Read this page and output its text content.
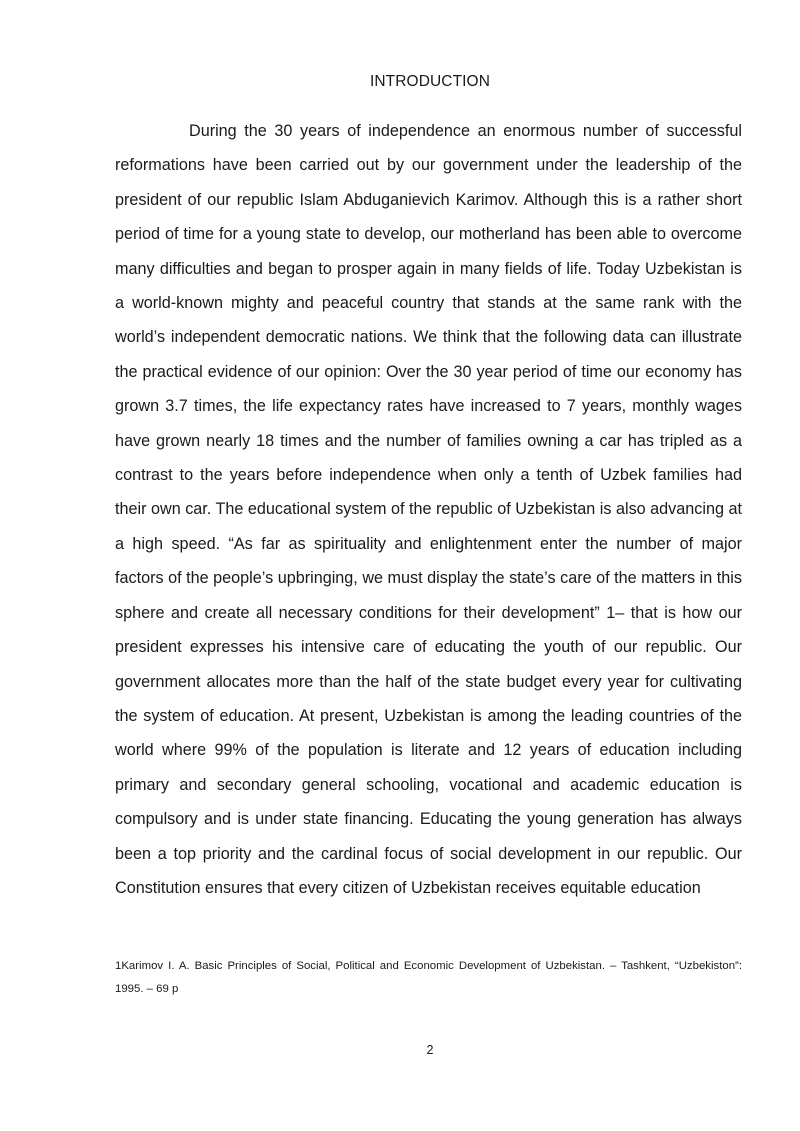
INTRODUCTION

During the 30 years of independence an enormous number of successful reformations have been carried out by our government under the leadership of the president of our republic Islam Abduganievich Karimov. Although this is a rather short period of time for a young state to develop, our motherland has been able to overcome many difficulties and began to prosper again in many fields of life. Today Uzbekistan is a world-known mighty and peaceful country that stands at the same rank with the world’s independent democratic nations. We think that the following data can illustrate the practical evidence of our opinion: Over the 30 year period of time our economy has grown 3.7 times, the life expectancy rates have increased to 7 years, monthly wages have grown nearly 18 times and the number of families owning a car has tripled as a contrast to the years before independence when only a tenth of Uzbek families had their own car. The educational system of the republic of Uzbekistan is also advancing at a high speed. “As far as spirituality and enlightenment enter the number of major factors of the people’s upbringing, we must display the state’s care of the matters in this sphere and create all necessary conditions for their development” 1– that is how our president expresses his intensive care of educating the youth of our republic. Our government allocates more than the half of the state budget every year for cultivating the system of education. At present, Uzbekistan is among the leading countries of the world where 99% of the population is literate and 12 years of education including primary and secondary general schooling, vocational and academic education is compulsory and is under state financing. Educating the young generation has always been a top priority and the cardinal focus of social development in our republic. Our Constitution ensures that every citizen of Uzbekistan receives equitable education

1Karimov I. A. Basic Principles of Social, Political and Economic Development of Uzbekistan. – Tashkent, “Uzbekiston”: 1995. – 69 p

2
